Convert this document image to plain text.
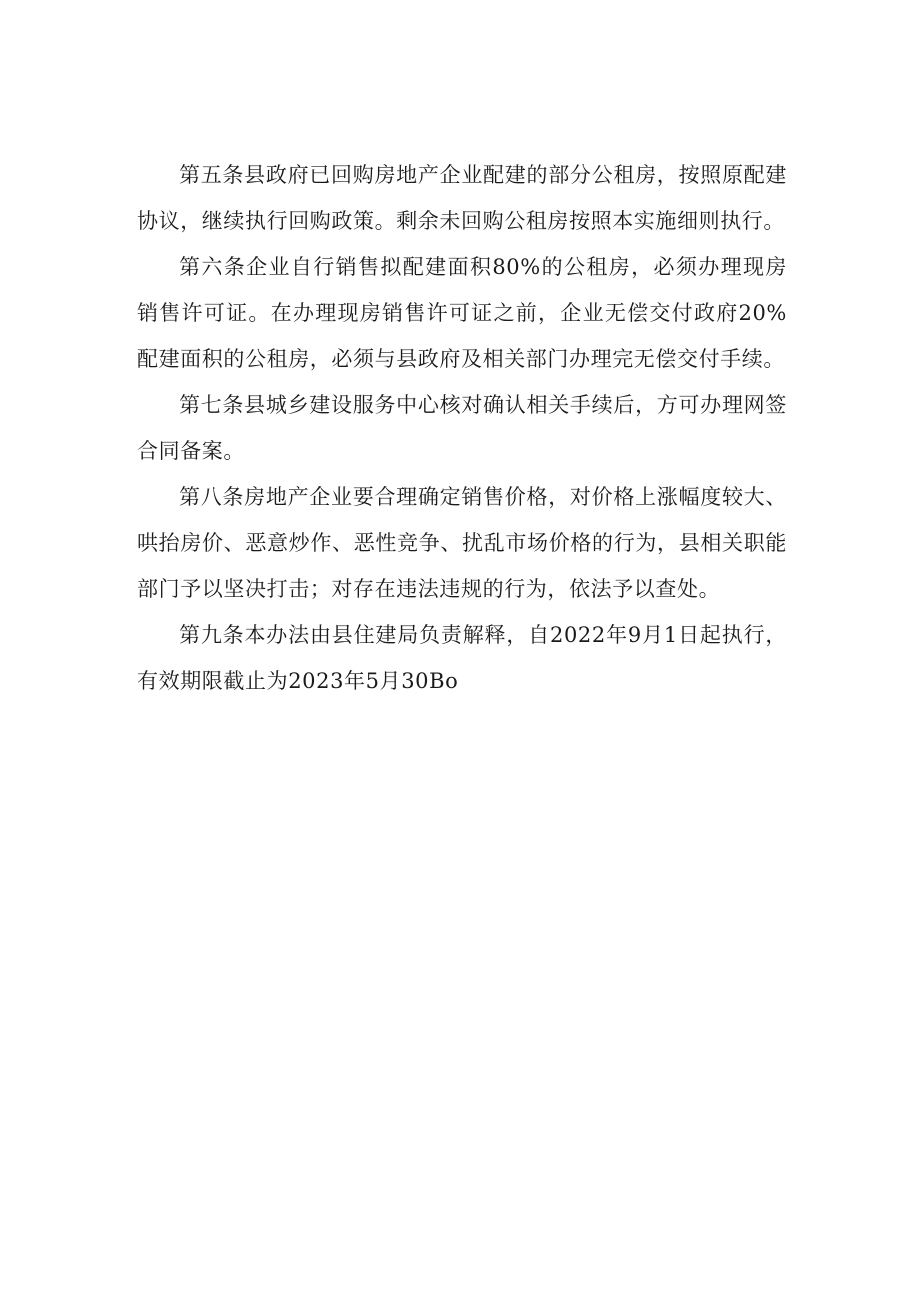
第五条县政府已回购房地产企业配建的部分公租房，按照原配建协议，继续执行回购政策。剩余未回购公租房按照本实施细则执行。

第六条企业自行销售拟配建面积80%的公租房，必须办理现房销售许可证。在办理现房销售许可证之前，企业无偿交付政府20%配建面积的公租房，必须与县政府及相关部门办理完无偿交付手续。

第七条县城乡建设服务中心核对确认相关手续后，方可办理网签合同备案。

第八条房地产企业要合理确定销售价格，对价格上涨幅度较大、哄抬房价、恶意炒作、恶性竞争、扰乱市场价格的行为，县相关职能部门予以坚决打击；对存在违法违规的行为，依法予以查处。

第九条本办法由县住建局负责解释，自2022年9月1日起执行，有效期限截止为2023年5月30Bo
